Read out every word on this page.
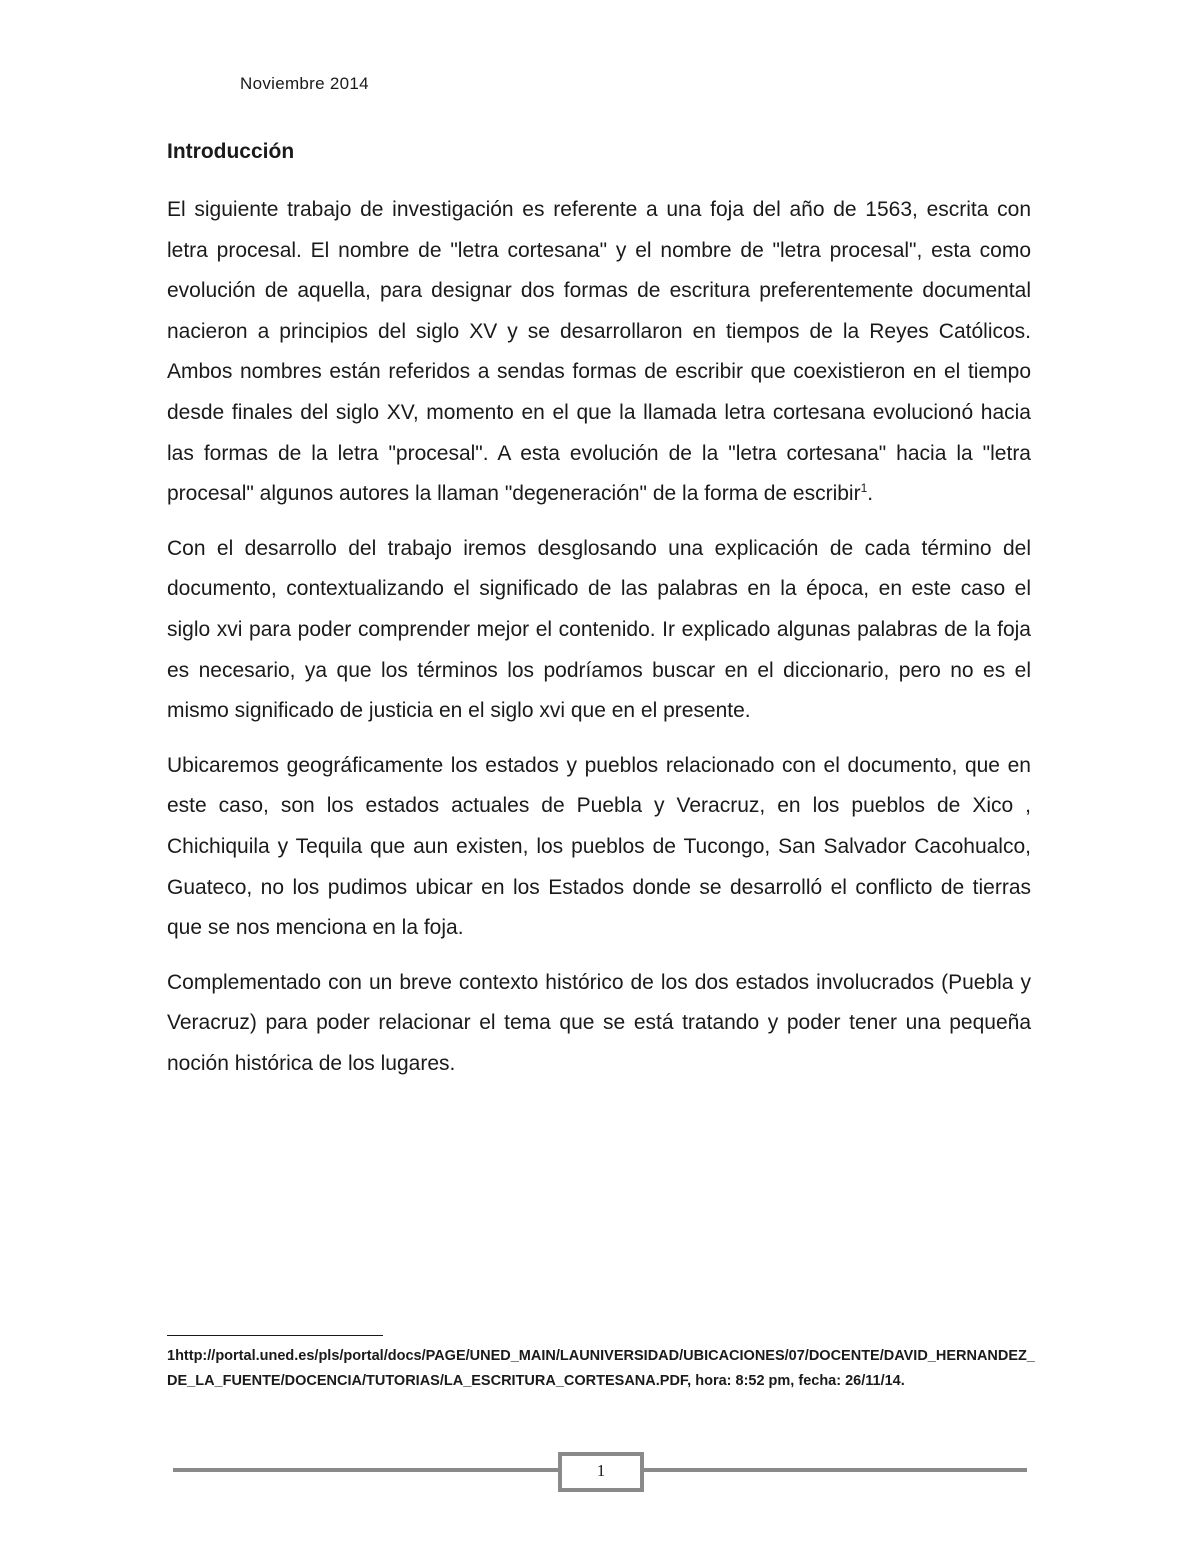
Noviembre 2014
Introducción

El siguiente trabajo de investigación es referente a una foja del año de 1563, escrita con letra procesal. El nombre de "letra cortesana" y el nombre de "letra procesal", esta como evolución de aquella, para designar dos formas de escritura preferentemente documental nacieron a principios del siglo XV y se desarrollaron en tiempos de la Reyes Católicos. Ambos nombres están referidos a sendas formas de escribir que coexistieron en el tiempo desde finales del siglo XV, momento en el que la llamada letra cortesana evolucionó hacia las formas de la letra "procesal". A esta evolución de la "letra cortesana" hacia la "letra procesal" algunos autores la llaman "degeneración" de la forma de escribir$^1$.

Con el desarrollo del trabajo iremos desglosando una explicación de cada término del documento, contextualizando el significado de las palabras en la época, en este caso el siglo xvi para poder comprender mejor el contenido. Ir explicado algunas palabras de la foja es necesario, ya que los términos los podríamos buscar en el diccionario, pero no es el mismo significado de justicia en el siglo xvi que en el presente.

Ubicaremos geográficamente los estados y pueblos relacionado con el documento, que en este caso, son los estados actuales de Puebla y Veracruz, en los pueblos de Xico , Chichiquila y Tequila que aun existen, los pueblos de Tucongo, San Salvador Cacohualco, Guateco, no los pudimos ubicar en los Estados donde se desarrolló el conflicto de tierras que se nos menciona en la foja.

Complementado con un breve contexto histórico de los dos estados involucrados (Puebla y Veracruz) para poder relacionar el tema que se está tratando y poder tener una pequeña noción histórica de los lugares.

1http://portal.uned.es/pls/portal/docs/PAGE/UNED_MAIN/LAUNIVERSIDAD/UBICACIONES/07/DOCENTE/DAVID_HERNANDEZ_DE_LA_FUENTE/DOCENCIA/TUTORIAS/LA_ESCRITURA_CORTESANA.PDF, hora: 8:52 pm, fecha: 26/11/14.
1
